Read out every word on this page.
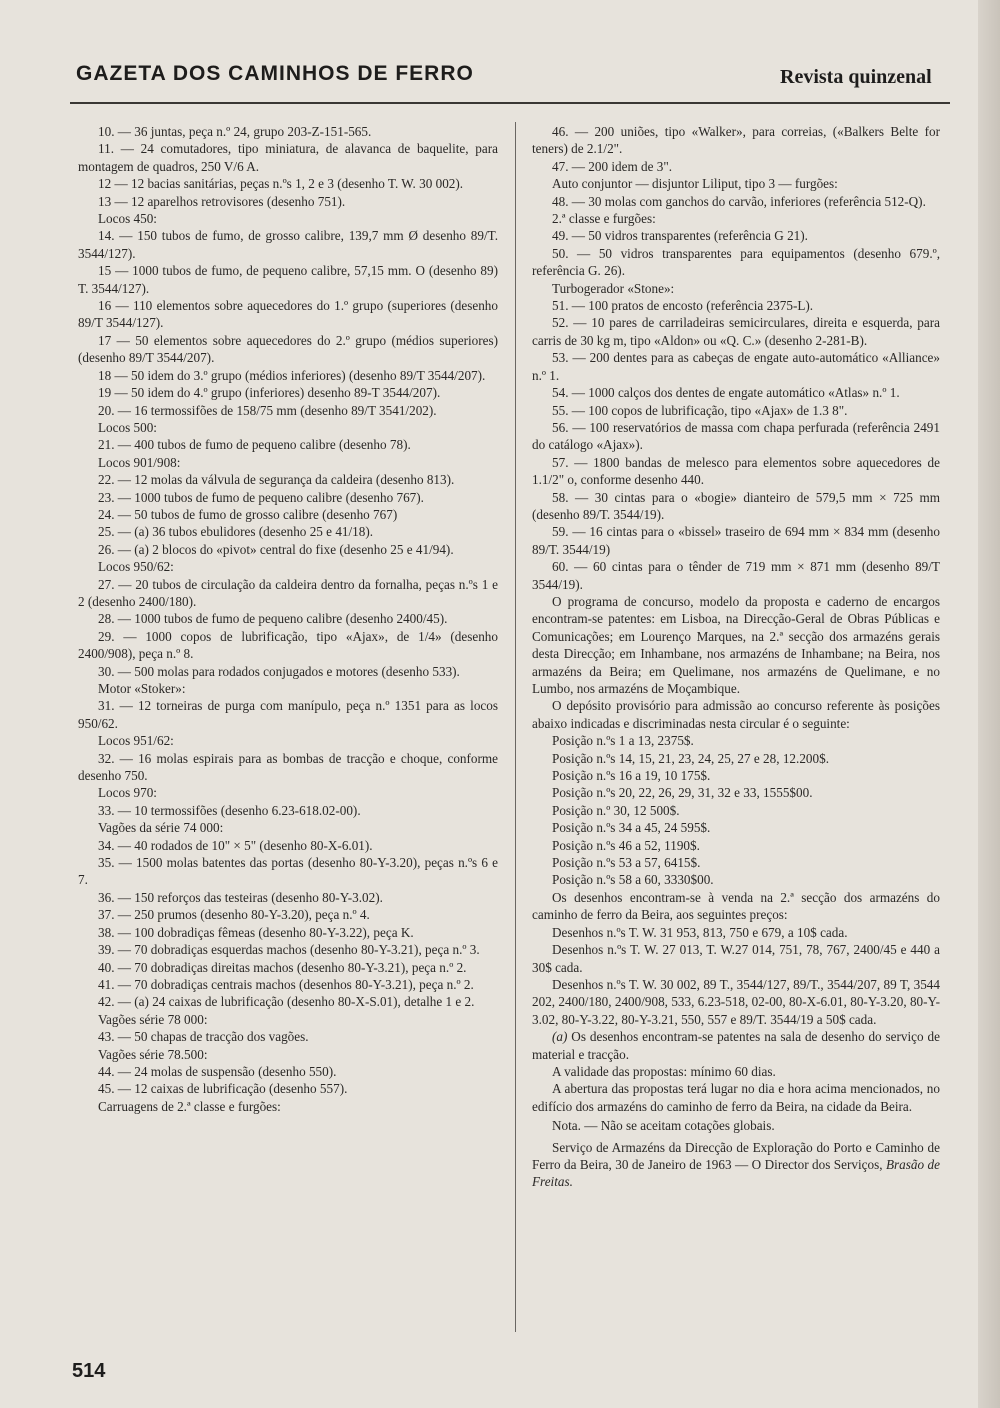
GAZETA DOS CAMINHOS DE FERRO	Revista quinzenal

10. — 36 juntas, peça n.º 24, grupo 203-Z-151-565.

11. — 24 comutadores, tipo miniatura, de alavanca de baquelite, para montagem de quadros, 250 V/6 A.

12 — 12 bacias sanitárias, peças n.ºs 1, 2 e 3 (desenho T. W. 30 002).

13 — 12 aparelhos retrovisores (desenho 751).

Locos 450:

14. — 150 tubos de fumo, de grosso calibre, 139,7 mm Ø desenho 89/T. 3544/127).

15 — 1000 tubos de fumo, de pequeno calibre, 57,15 mm. O (desenho 89) T. 3544/127).

16 — 110 elementos sobre aquecedores do 1.º grupo (superiores (desenho 89/T 3544/127).

17 — 50 elementos sobre aquecedores do 2.º grupo (médios superiores) (desenho 89/T 3544/207).

18 — 50 idem do 3.º grupo (médios inferiores) (desenho 89/T 3544/207).

19 — 50 idem do 4.º grupo (inferiores) desenho 89-T 3544/207).

20. — 16 termossifões de 158/75 mm (desenho 89/T 3541/202).

Locos 500:

21. — 400 tubos de fumo de pequeno calibre (desenho 78).

Locos 901/908:

22. — 12 molas da válvula de segurança da caldeira (desenho 813).

23. — 1000 tubos de fumo de pequeno calibre (desenho 767).

24. — 50 tubos de fumo de grosso calibre (desenho 767)

25. — (a) 36 tubos ebulidores (desenho 25 e 41/18).

26. — (a) 2 blocos do «pivot» central do fixe (desenho 25 e 41/94).

Locos 950/62:

27. — 20 tubos de circulação da caldeira dentro da fornalha, peças n.ºs 1 e 2 (desenho 2400/180).

28. — 1000 tubos de fumo de pequeno calibre (desenho 2400/45).

29. — 1000 copos de lubrificação, tipo «Ajax», de 1/4» (desenho 2400/908), peça n.º 8.

30. — 500 molas para rodados conjugados e motores (desenho 533).

Motor «Stoker»:

31. — 12 torneiras de purga com manípulo, peça n.º 1351 para as locos 950/62.

Locos 951/62:

32. — 16 molas espirais para as bombas de tracção e choque, conforme desenho 750.

Locos 970:

33. — 10 termossifões (desenho 6.23-618.02-00).

Vagões da série 74 000:

34. — 40 rodados de 10" × 5" (desenho 80-X-6.01).

35. — 1500 molas batentes das portas (desenho 80-Y-3.20), peças n.ºs 6 e 7.

36. — 150 reforços das testeiras (desenho 80-Y-3.02).

37. — 250 prumos (desenho 80-Y-3.20), peça n.º 4.

38. — 100 dobradiças fêmeas (desenho 80-Y-3.22), peça K.

39. — 70 dobradiças esquerdas machos (desenho 80-Y-3.21), peça n.º 3.

40. — 70 dobradiças direitas machos (desenho 80-Y-3.21), peça n.º 2.

41. — 70 dobradiças centrais machos (desenhos 80-Y-3.21), peça n.º 2.

42. — (a) 24 caixas de lubrificação (desenho 80-X-S.01), detalhe 1 e 2.

Vagões série 78 000:

43. — 50 chapas de tracção dos vagões.

Vagões série 78.500:

44. — 24 molas de suspensão (desenho 550).

45. — 12 caixas de lubrificação (desenho 557).

Carruagens de 2.ª classe e furgões:

46. — 200 uniões, tipo «Walker», para correias, («Balkers Belte for teners) de 2.1/2".

47. — 200 idem de 3".

Auto conjuntor — disjuntor Liliput, tipo 3 — furgões:

48. — 30 molas com ganchos do carvão, inferiores (referência 512-Q).

2.ª classe e furgões:

49. — 50 vidros transparentes (referência G 21).

50. — 50 vidros transparentes para equipamentos (desenho 679.º, referência G. 26).

Turbogerador «Stone»:

51. — 100 pratos de encosto (referência 2375-L).

52. — 10 pares de carriladeiras semicirculares, direita e esquerda, para carris de 30 kg m, tipo «Aldon» ou «Q. C.» (desenho 2-281-B).

53. — 200 dentes para as cabeças de engate auto-automático «Alliance» n.º 1.

54. — 1000 calços dos dentes de engate automático «Atlas» n.º 1.

55. — 100 copos de lubrificação, tipo «Ajax» de 1.3 8".

56. — 100 reservatórios de massa com chapa perfurada (referência 2491 do catálogo «Ajax»).

57. — 1800 bandas de melesco para elementos sobre aquecedores de 1.1/2" o, conforme desenho 440.

58. — 30 cintas para o «bogie» dianteiro de 579,5 mm × 725 mm (desenho 89/T. 3544/19).

59. — 16 cintas para o «bissel» traseiro de 694 mm × 834 mm (desenho 89/T. 3544/19)

60. — 60 cintas para o tênder de 719 mm × 871 mm (desenho 89/T 3544/19).

O programa de concurso, modelo da proposta e caderno de encargos encontram-se patentes: em Lisboa, na Direcção-Geral de Obras Públicas e Comunicações; em Lourenço Marques, na 2.ª secção dos armazéns gerais desta Direcção; em Inhambane, nos armazéns de Inhambane; na Beira, nos armazéns da Beira; em Quelimane, nos armazéns de Quelimane, e no Lumbo, nos armazéns de Moçambique.

O depósito provisório para admissão ao concurso referente às posições abaixo indicadas e discriminadas nesta circular é o seguinte:

Posição n.ºs 1 a 13, 2375$.

Posição n.ºs 14, 15, 21, 23, 24, 25, 27 e 28, 12.200$.

Posição n.ºs 16 a 19, 10 175$.

Posição n.ºs 20, 22, 26, 29, 31, 32 e 33, 1555$00.

Posição n.º 30, 12 500$.

Posição n.ºs 34 a 45, 24 595$.

Posição n.ºs 46 a 52, 1190$.

Posição n.ºs 53 a 57, 6415$.

Posição n.ºs 58 a 60, 3330$00.

Os desenhos encontram-se à venda na 2.ª secção dos armazéns do caminho de ferro da Beira, aos seguintes preços:

Desenhos n.ºs T. W. 31 953, 813, 750 e 679, a 10$ cada.

Desenhos n.ºs T. W. 27 013, T. W.27 014, 751, 78, 767, 2400/45 e 440 a 30$ cada.

Desenhos n.ºs T. W. 30 002, 89 T., 3544/127, 89/T., 3544/207, 89 T, 3544 202, 2400/180, 2400/908, 533, 6.23-518, 02-00, 80-X-6.01, 80-Y-3.20, 80-Y-3.02, 80-Y-3.22, 80-Y-3.21, 550, 557 e 89/T. 3544/19 a 50$ cada.

(a) Os desenhos encontram-se patentes na sala de desenho do serviço de material e tracção.

A validade das propostas: mínimo 60 dias.

A abertura das propostas terá lugar no dia e hora acima mencionados, no edifício dos armazéns do caminho de ferro da Beira, na cidade da Beira.

Nota. — Não se aceitam cotações globais.

Serviço de Armazéns da Direcção de Exploração do Porto e Caminho de Ferro da Beira, 30 de Janeiro de 1963 — O Director dos Serviços, Brasão de Freitas.

514
